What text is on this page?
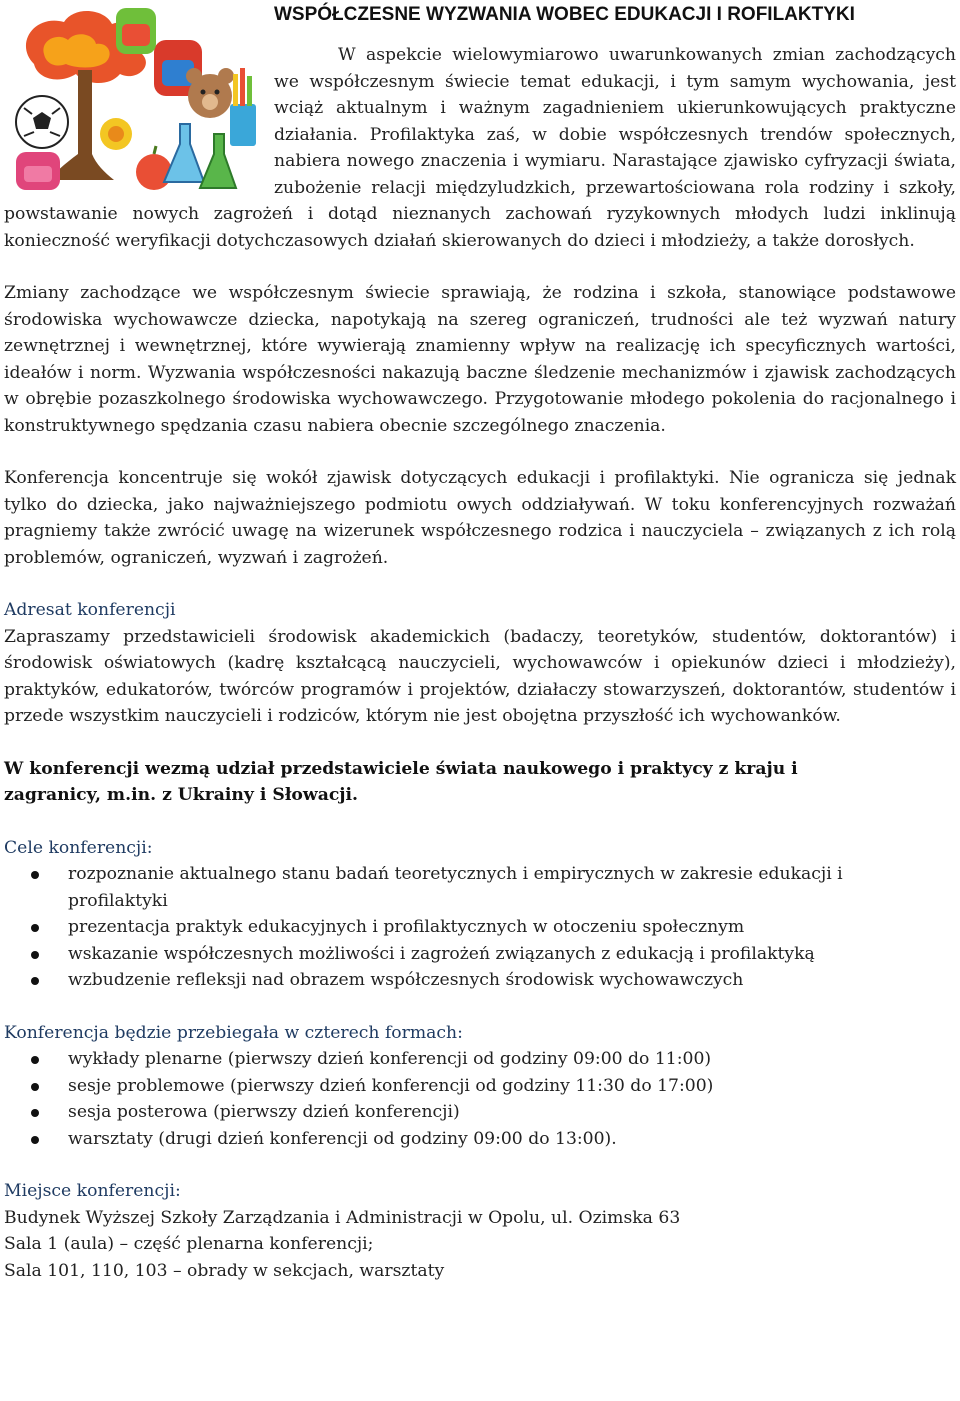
WSPÓŁCZESNE WYZWANIA WOBEC EDUKACJI I ROFILAKTYKI

W aspekcie wielowymiarowo uwarunkowanych zmian zachodzących we współczesnym świecie temat edukacji, i tym samym wychowania, jest wciąż aktualnym i ważnym zagadnieniem ukierunkowujących praktyczne działania. Profilaktyka zaś, w dobie współczesnych trendów społecznych, nabiera nowego znaczenia i wymiaru. Narastające zjawisko cyfryzacji świata, zubożenie relacji międzyludzkich, przewartościowana rola rodziny i szkoły, powstawanie nowych zagrożeń i dotąd nieznanych zachowań ryzykownych młodych ludzi inklinują konieczność weryfikacji dotychczasowych działań skierowanych do dzieci i młodzieży, a także dorosłych.

Zmiany zachodzące we współczesnym świecie sprawiają, że rodzina i szkoła, stanowiące podstawowe środowiska wychowawcze dziecka, napotykają na szereg ograniczeń, trudności ale też wyzwań natury zewnętrznej i wewnętrznej, które wywierają znamienny wpływ na realizację ich specyficznych wartości, ideałów i norm. Wyzwania współczesności nakazują baczne śledzenie mechanizmów i zjawisk zachodzących w obrębie pozaszkolnego środowiska wychowawczego. Przygotowanie młodego pokolenia do racjonalnego i konstruktywnego spędzania czasu nabiera obecnie szczególnego znaczenia.

Konferencja koncentruje się wokół zjawisk dotyczących edukacji i profilaktyki. Nie ogranicza się jednak tylko do dziecka, jako najważniejszego podmiotu owych oddziaływań. W toku konferencyjnych rozważań pragniemy także zwrócić uwagę na wizerunek współczesnego rodzica i nauczyciela – związanych z ich rolą problemów, ograniczeń, wyzwań i zagrożeń.

Adresat konferencji

Zapraszamy przedstawicieli środowisk akademickich (badaczy, teoretyków, studentów, doktorantów) i środowisk oświatowych (kadrę kształcącą nauczycieli, wychowawców i opiekunów dzieci i młodzieży), praktyków, edukatorów, twórców programów i projektów, działaczy stowarzyszeń, doktorantów, studentów i przede wszystkim nauczycieli i rodziców, którym nie jest obojętna przyszłość ich wychowanków.

W konferencji wezmą udział przedstawiciele świata naukowego i praktycy z kraju i zagranicy, m.in. z Ukrainy i Słowacji.

Cele konferencji:
rozpoznanie aktualnego stanu badań teoretycznych i empirycznych w zakresie edukacji i profilaktyki
prezentacja praktyk edukacyjnych i profilaktycznych w otoczeniu społecznym
wskazanie współczesnych możliwości i zagrożeń związanych z edukacją i profilaktyką
wzbudzenie refleksji nad obrazem współczesnych środowisk wychowawczych
Konferencja będzie przebiegała w czterech formach:
wykłady plenarne (pierwszy dzień konferencji od godziny 09:00 do 11:00)
sesje problemowe (pierwszy dzień konferencji od godziny 11:30 do 17:00)
sesja posterowa (pierwszy dzień konferencji)
warsztaty (drugi dzień konferencji od godziny 09:00 do 13:00).
Miejsce konferencji:
Budynek Wyższej Szkoły Zarządzania i Administracji w Opolu, ul. Ozimska 63
Sala 1 (aula) – część plenarna konferencji;
Sala 101, 110, 103 – obrady w sekcjach, warsztaty
